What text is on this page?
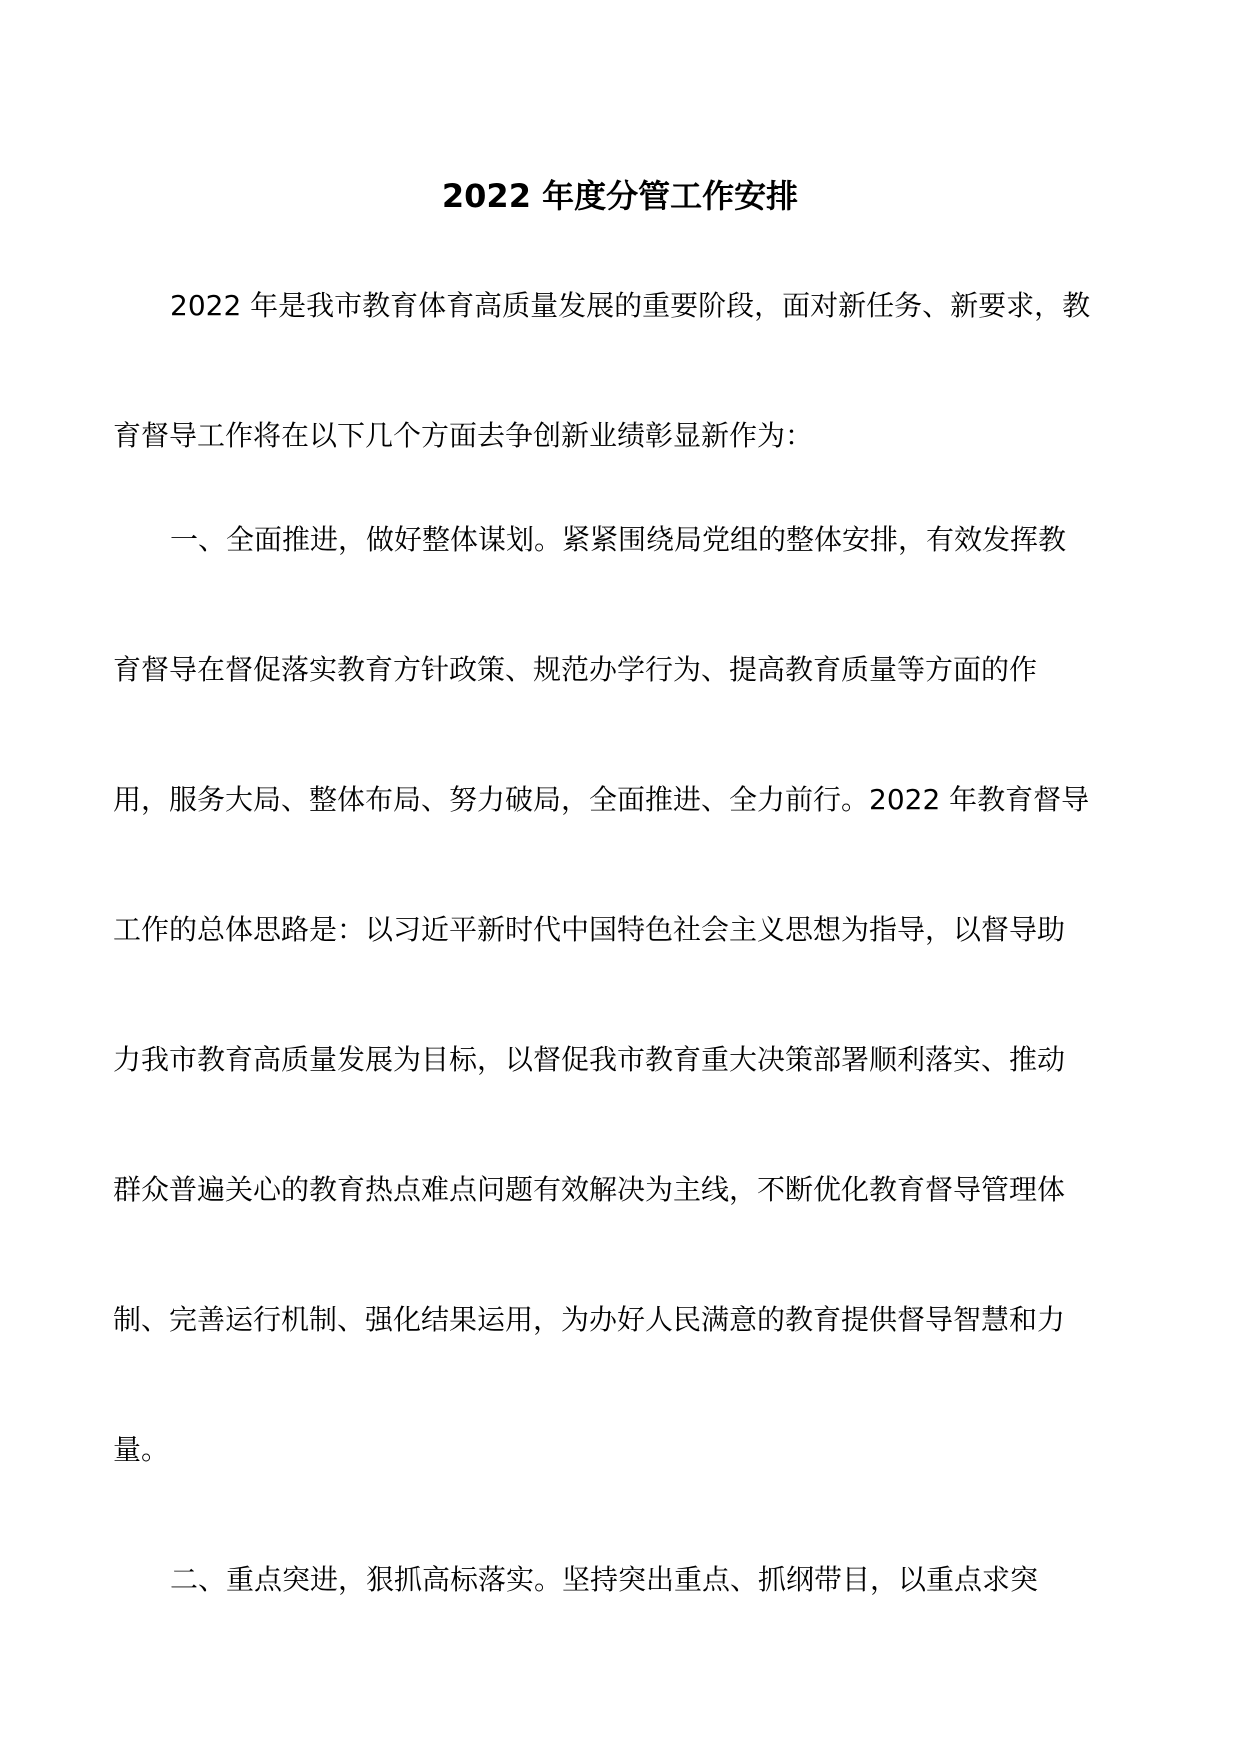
2022 年度分管工作安排

2022 年是我市教育体育高质量发展的重要阶段，面对新任务、新要求，教

育督导工作将在以下几个方面去争创新业绩彰显新作为：

一、全面推进，做好整体谋划。紧紧围绕局党组的整体安排，有效发挥教

育督导在督促落实教育方针政策、规范办学行为、提高教育质量等方面的作

用，服务大局、整体布局、努力破局，全面推进、全力前行。2022 年教育督导

工作的总体思路是：以习近平新时代中国特色社会主义思想为指导，以督导助

力我市教育高质量发展为目标，以督促我市教育重大决策部署顺利落实、推动

群众普遍关心的教育热点难点问题有效解决为主线，不断优化教育督导管理体

制、完善运行机制、强化结果运用，为办好人民满意的教育提供督导智慧和力

量。

二、重点突进，狠抓高标落实。坚持突出重点、抓纲带目，以重点求突
